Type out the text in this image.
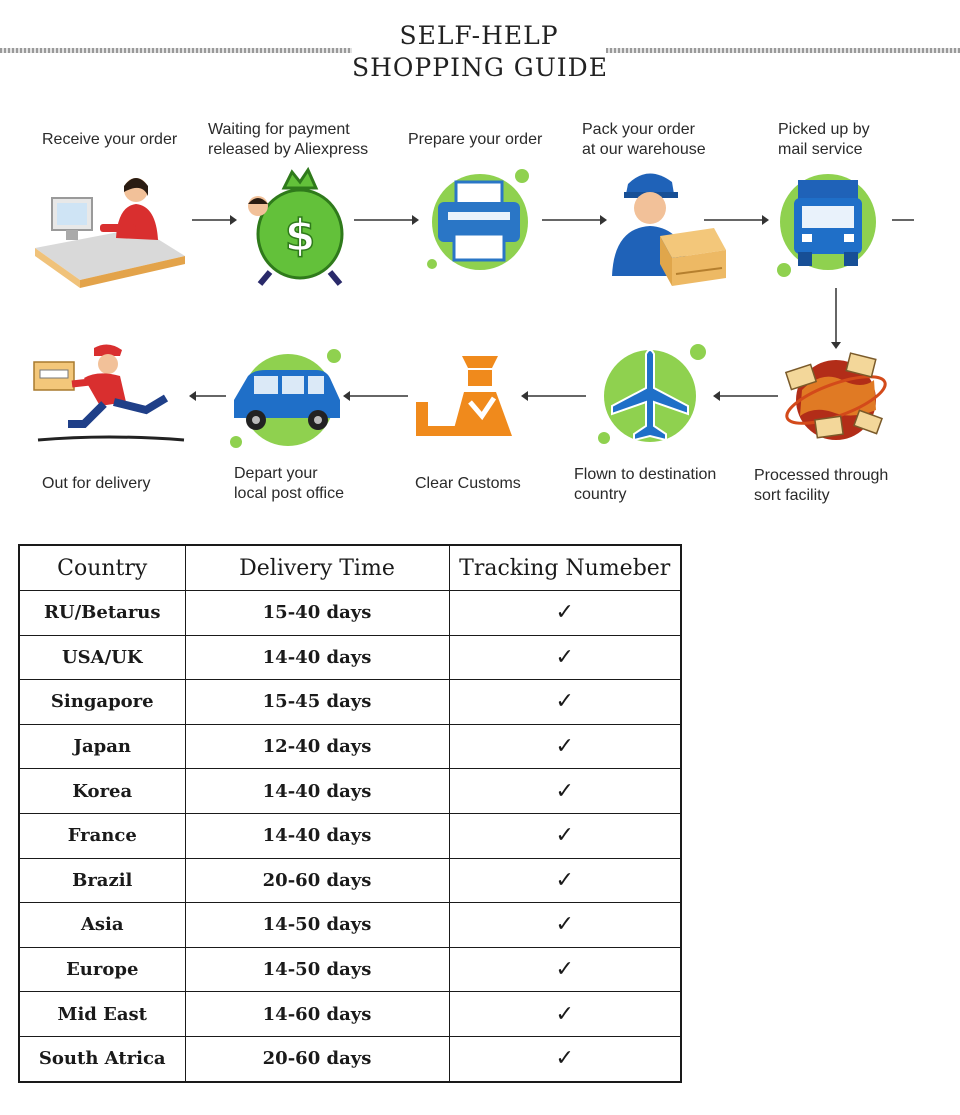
SELF-HELP
SHOPPING GUIDE
Receive your order
Waiting for payment
released by Aliexpress
$
Prepare your order
Pack your order
at our warehouse
Picked up by
mail service
Processed through
sort facility
Flown to destination
country
Clear Customs
Depart your
local post office
Out for delivery
Country	Delivery Time	Tracking Numeber
RU/Betarus	15-40 days	✓
USA/UK	14-40 days	✓
Singapore	15-45 days	✓
Japan	12-40 days	✓
Korea	14-40 days	✓
France	14-40 days	✓
Brazil	20-60 days	✓
Asia	14-50 days	✓
Europe	14-50 days	✓
Mid East	14-60 days	✓
South Atrica	20-60 days	✓
